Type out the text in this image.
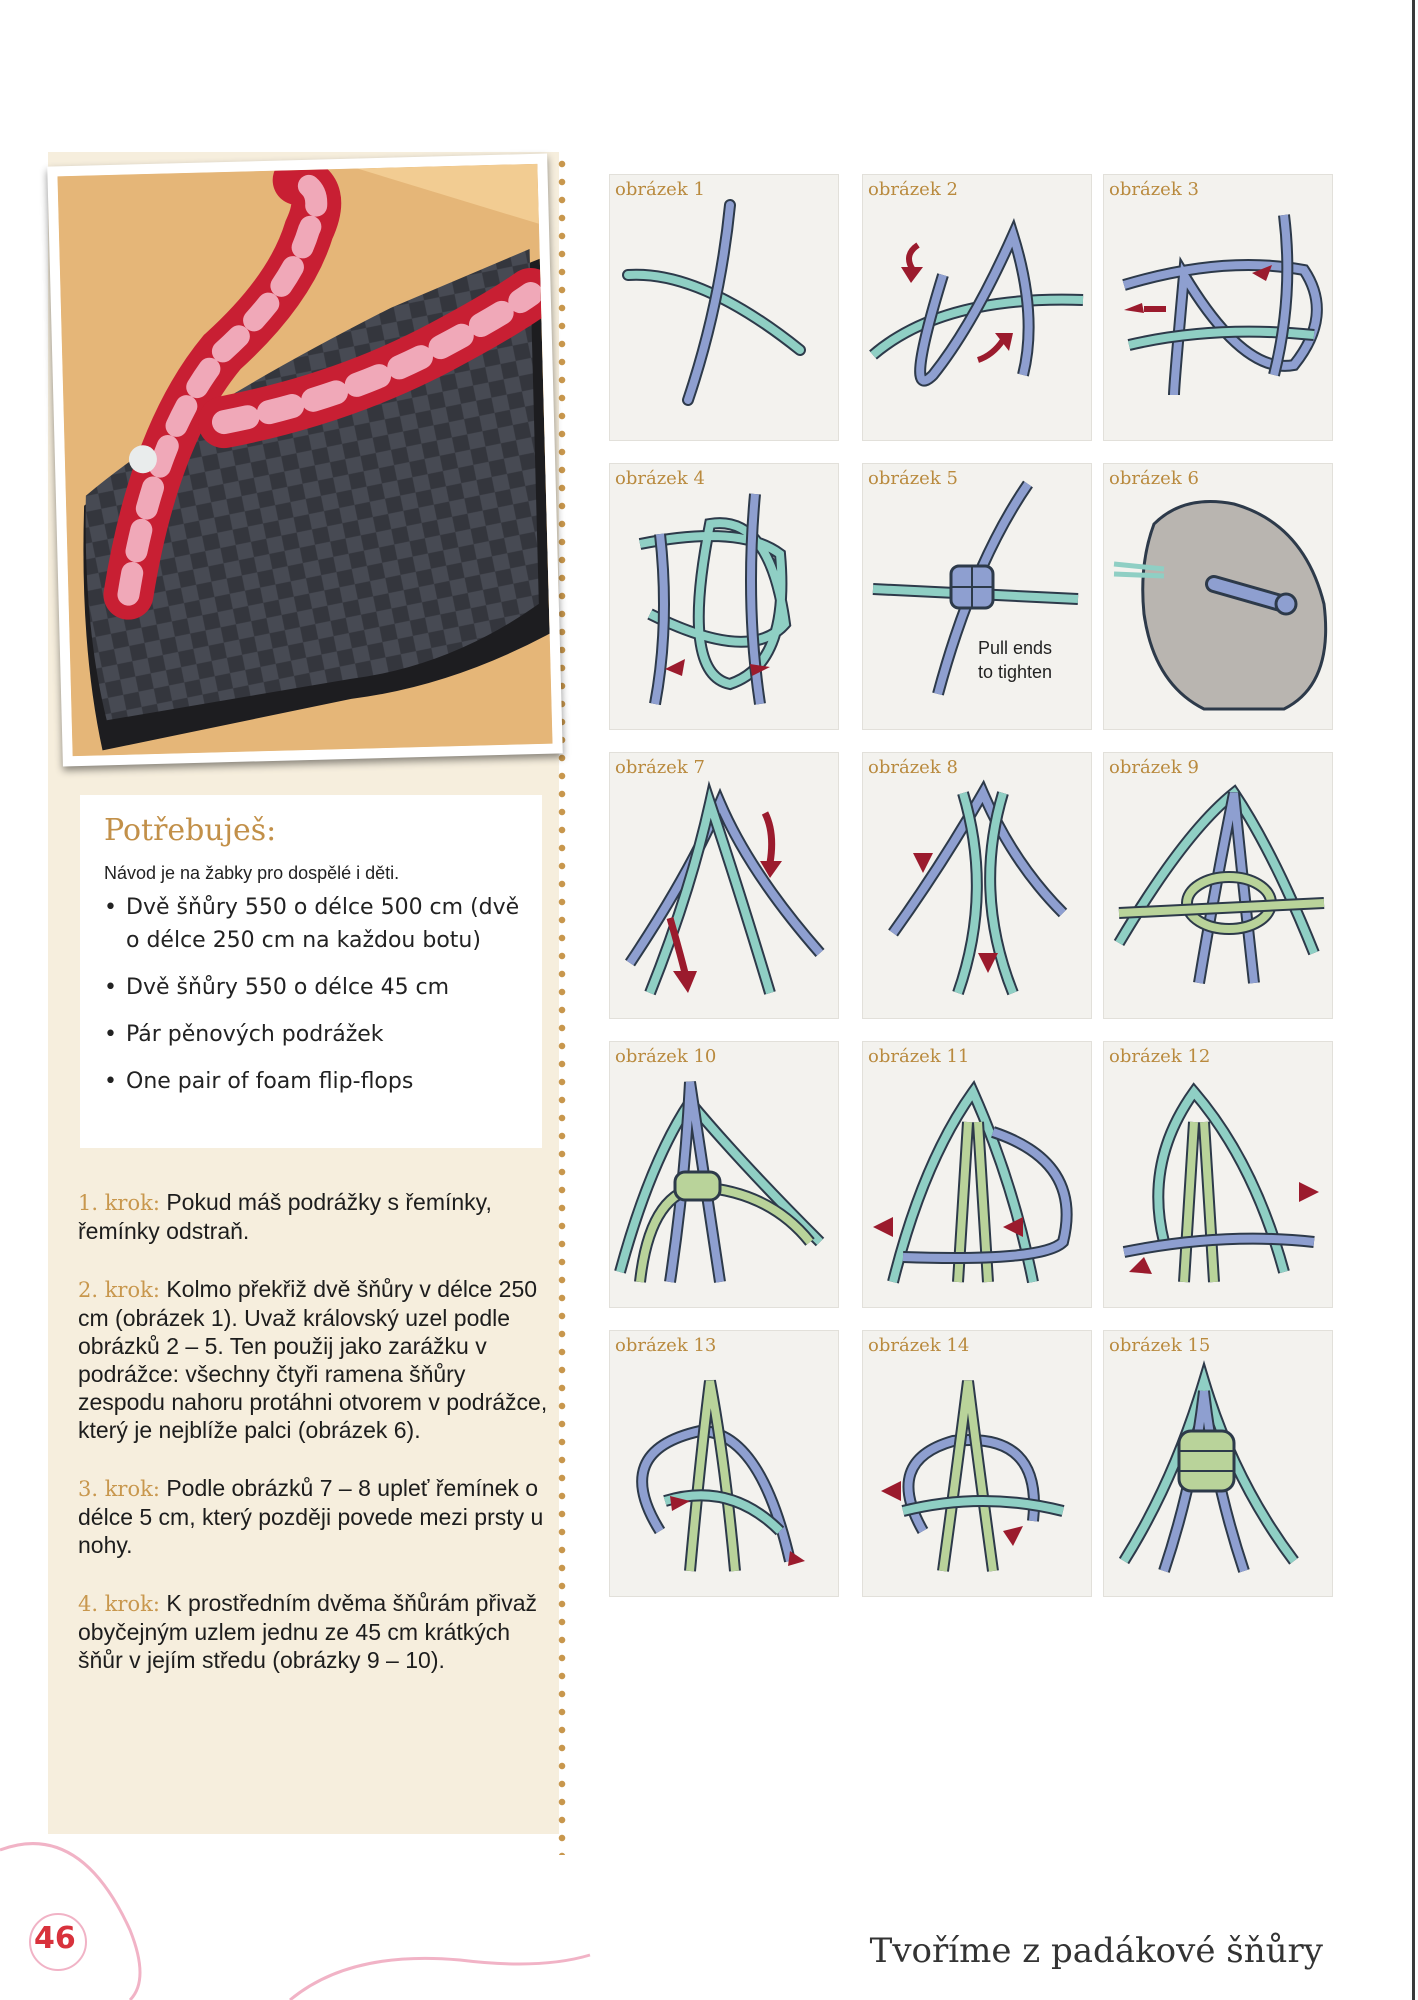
Potřebuješ:
Návod je na žabky pro dospělé i děti.
• Dvě šňůry 550 o délce 500 cm (dvě o délce 250 cm na každou botu)
• Dvě šňůry 550 o délce 45 cm
• Pár pěnových podrážek
• One pair of foam flip-flops

1. krok: Pokud máš podrážky s řemínky, řemínky odstraň.

2. krok: Kolmo překřiž dvě šňůry v délce 250 cm (obrázek 1). Uvaž královský uzel podle obrázků 2 – 5. Ten použij jako zarážku v podrážce: všechny čtyři ramena šňůry zespodu nahoru protáhni otvorem v podrážce, který je nejblíže palci (obrázek 6).

3. krok: Podle obrázků 7 – 8 upleť řemínek o délce 5 cm, který později povede mezi prsty u nohy.

4. krok: K prostředním dvěma šňůrám přivaž obyčejným uzlem jednu ze 45 cm krátkých šňůr v jejím středu (obrázky 9 – 10).

obrázek 1	obrázek 2	obrázek 3
obrázek 4	obrázek 5
Pull ends
to tighten
obrázek 6
obrázek 7	obrázek 8	obrázek 9
obrázek 10	obrázek 11	obrázek 12
obrázek 13	obrázek 14	obrázek 15
46	Tvoříme z padákové šňůry
